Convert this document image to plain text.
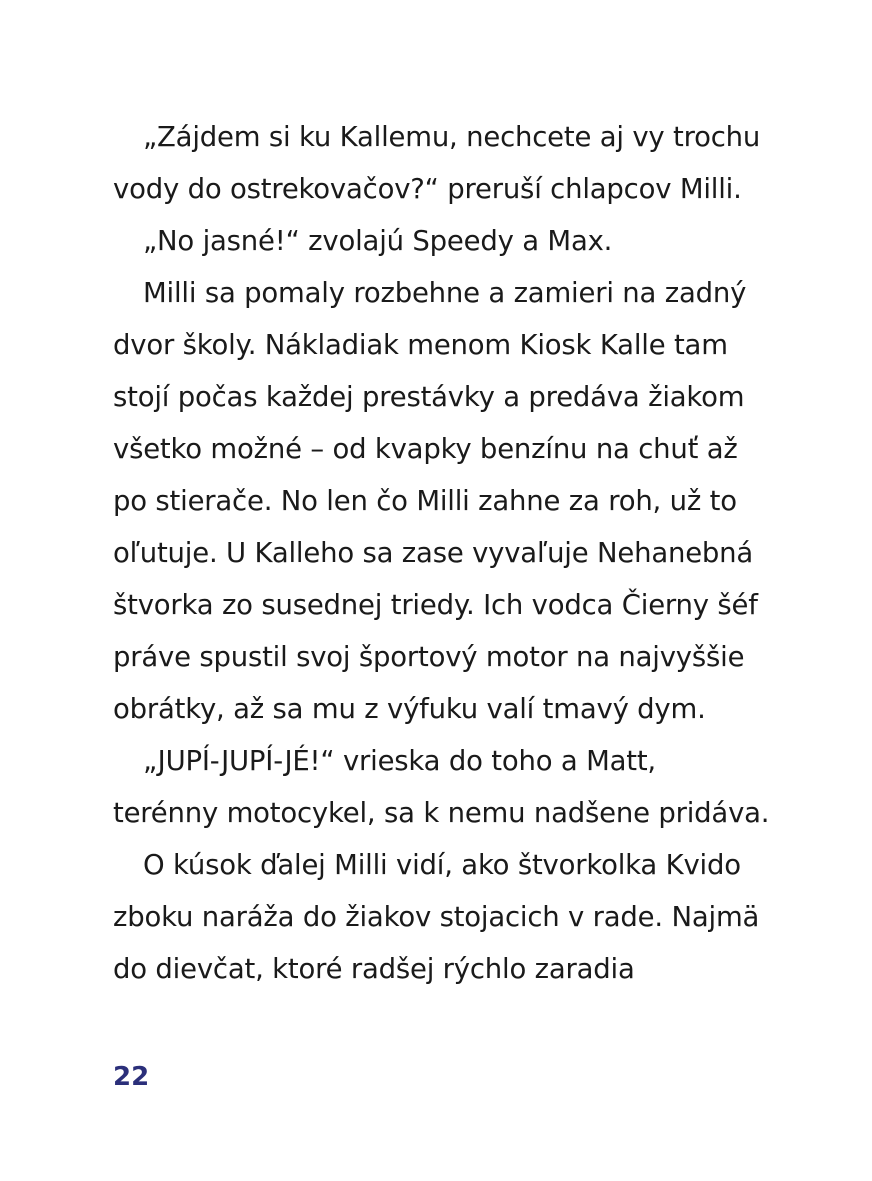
„Zájdem si ku Kallemu, nechcete aj vy trochu
vody do ostrekovačov?“ preruší chlapcov Milli.
„No jasné!“ zvolajú Speedy a Max.
Milli sa pomaly rozbehne a zamieri na zadný
dvor školy. Nákladiak menom Kiosk Kalle tam
stojí počas každej prestávky a predáva žiakom
všetko možné – od kvapky benzínu na chuť až
po stierače. No len čo Milli zahne za roh, už to
oľutuje. U Kalleho sa zase vyvaľuje Nehanebná
štvorka zo susednej triedy. Ich vodca Čierny šéf
práve spustil svoj športový motor na najvyššie
obrátky, až sa mu z výfuku valí tmavý dym.
„JUPÍ-JUPÍ-JÉ!“ vrieska do toho a Matt,
terénny motocykel, sa k nemu nadšene pridáva.
O kúsok ďalej Milli vidí, ako štvorkolka Kvido
zboku naráža do žiakov stojacich v rade. Najmä
do dievčat, ktoré radšej rýchlo zaradia
22
